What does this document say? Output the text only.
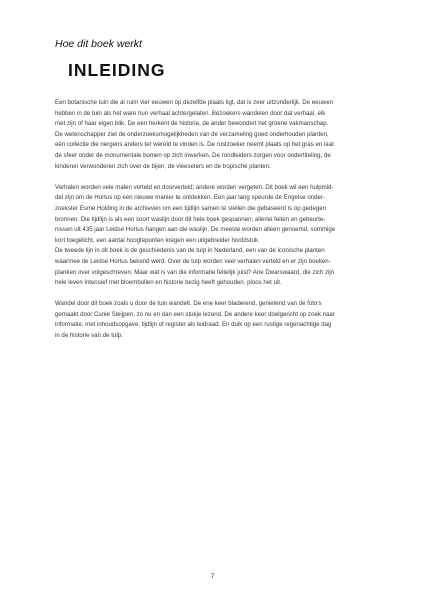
Hoe dit boek werkt
INLEIDING

Een botanische tuin die al ruim vier eeuwen op dezelfde plaats ligt, dat is zeer uitzonderlijk. De eeuwen
hebben in de tuin als het ware hun verhaal achtergelaten. Bezoekers wandelen door dat verhaal, elk
met zijn of haar eigen blik. De een herkent de historie, de ander bewondert het groene vakmanschap.
De wetenschapper ziet de onderzoeksmogelijkheden van de verzameling goed onderhouden planten,
een collectie die nergens anders ter wereld te vinden is. De rustzoeker neemt plaats op het gras en laat
de sfeer onder de monumentale bomen op zich inwerken. De rondleiders zorgen voor ondertiteling, de
kinderen verwonderen zich over de bijen, de vleeseters en de tropische planten.

Verhalen worden vele malen verteld en doorverteld; andere worden vergeten. Dit boek wil een hulpmid-
del zijn om de Hortus op een nieuwe manier te ontdekken. Een jaar lang speurde de Engelse onder-
zoekster Esme Holding in de archieven om een tijdlijn samen te stellen die gebaseerd is op gedegen
bronnen. Die tijdlijn is als een soort waslijn door dit hele boek gespannen; allerlei feiten en gebeurte-
nissen uit 435 jaar Leidse Hortus hangen aan die waslijn. De meeste worden alleen genoemd, sommige
kort toegelicht, een aantal hoogtepunten kregen een uitgebreider hoofdstuk.
De tweede lijn in dit boek is de geschiedenis van de tulp in Nederland, een van de iconische planten
waarmee de Leidse Hortus bekend werd. Over de tulp worden veel verhalen verteld en er zijn boeken-
planken over volgeschreven. Maar wat is van die informatie feitelijk juist? Arie Dwarswaard, die zich zijn
hele leven intensief met bloembollen en historie bezig heeft gehouden, ploos het uit.

Wandel door dit boek zoals u door de tuin wandelt. De ene keer bladerend, genietend van de foto's
gemaakt door Cunie Sleijpen, zo nu en dan een stukje lezend. De andere keer doelgericht op zoek naar
informatie, met inhoudsopgave, tijdlijn of register als leidraad. En duik op een rustige regenachtige dag
in de historie van de tulp.

7
